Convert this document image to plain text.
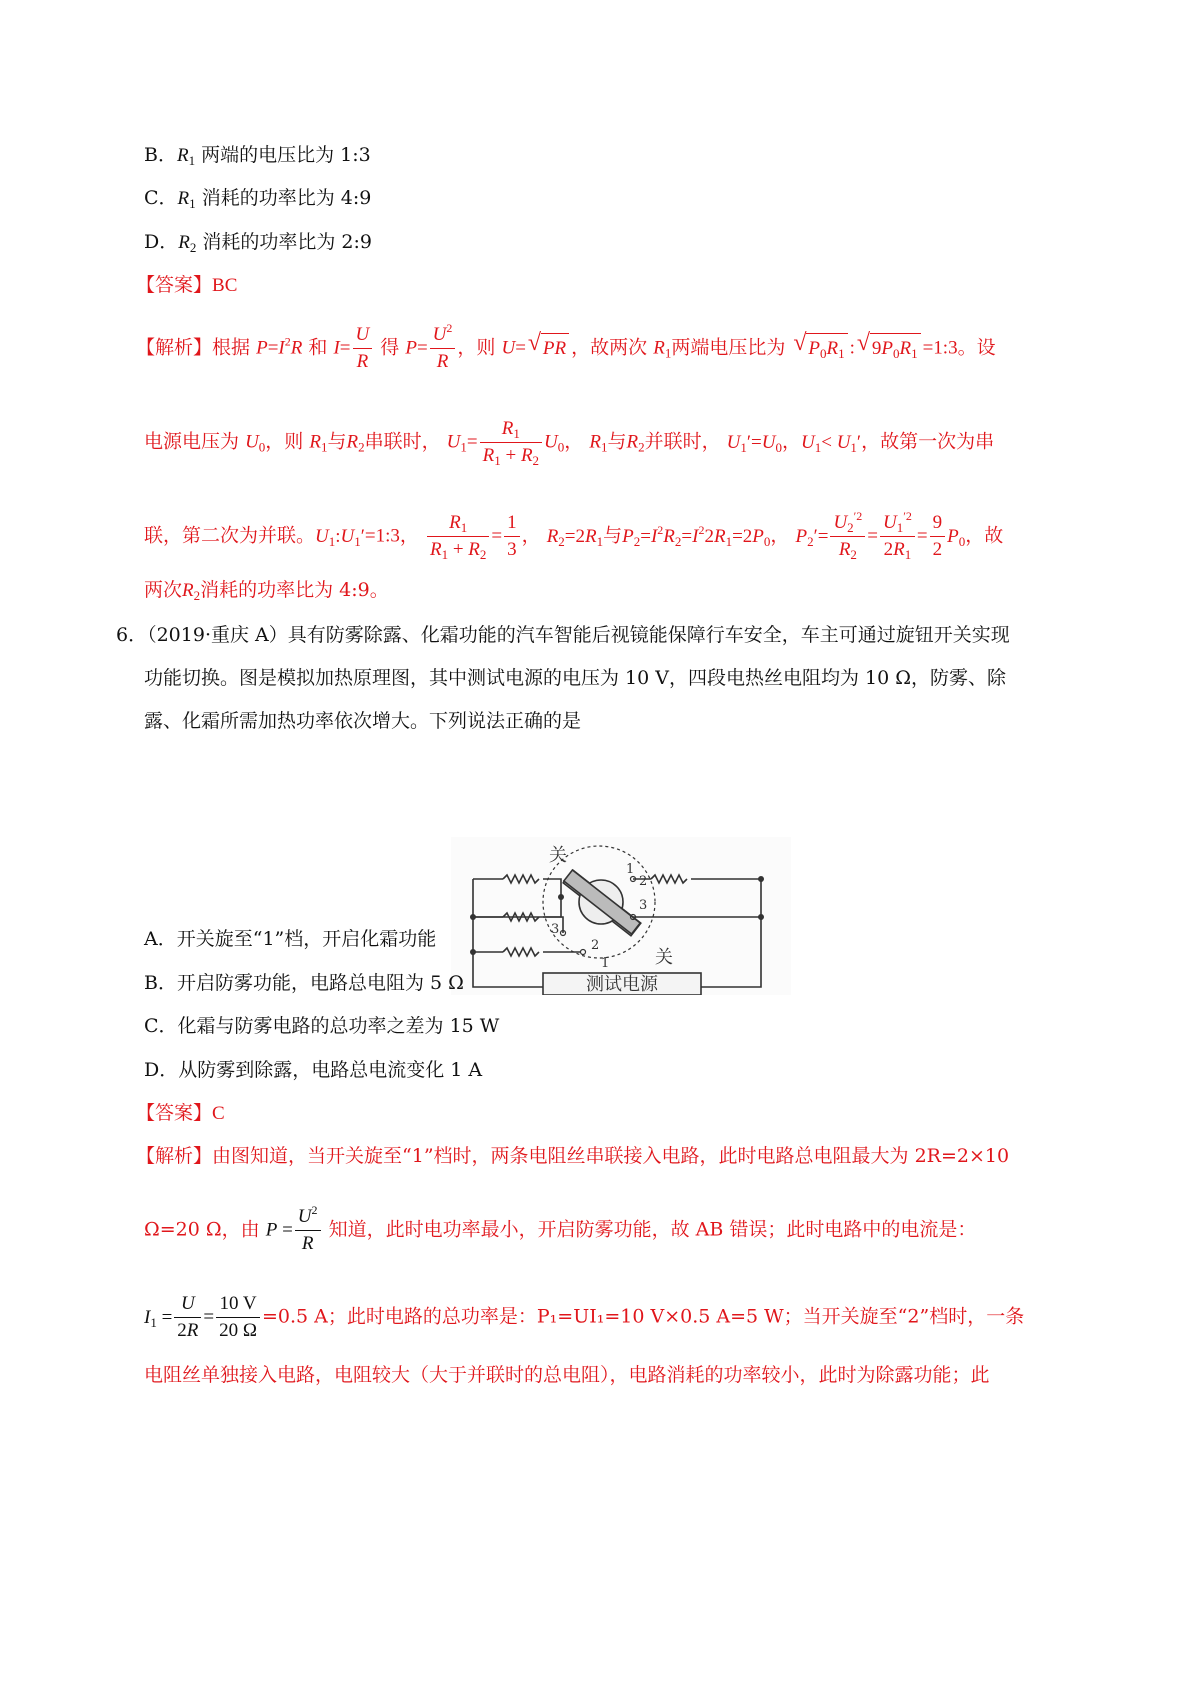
B．$R_1$ 两端的电压比为 1:3
C．$R_1$ 消耗的功率比为 4:9
D．$R_2$ 消耗的功率比为 2:9
【答案】BC
【解析】根据 $P=I^2R$ 和 $I= \frac{U}{R}$ 得 $P= \frac{U^2}{R}$ ，则 U= √ PR ，故两次 $R_1$两端电压比为 √ $P_0R_1$ : √ $9P_0R_1$ =1:3。设
电源电压为 $U_0$，则 $R_1$与$R_2$串联时， $U_1= \frac{R_1}{R_1 + R_2} U_0$， $R_1$与$R_2$并联时， $U_1'=U_0$，$U_1< U_1'$，故第一次为串
联，第二次为并联。$U_1:U_1'=1:3$， $\frac{R_1}{R_1 + R_2} = \frac{1}{3}$ ， $R_2=2R_1$与$P_2=I^2R_2=I^22R_1=2P_0$， $P_2'= \frac{U_2^{'2}}{R_2} = \frac{U_1^{'2}}{2R_1} = \frac{9}{2} P_0$，故
两次$R_2$消耗的功率比为 4:9。
6．（2019·重庆 A）具有防雾除露、化霜功能的汽车智能后视镜能保障行车安全，车主可通过旋钮开关实现
功能切换。图是模拟加热原理图，其中测试电源的电压为 10 V，四段电热丝电阻均为 10 Ω，防雾、除
露、化霜所需加热功率依次增大。下列说法正确的是
1
2
3
3
2
1
关
关
测试电源
A．开关旋至“1”档，开启化霜功能
B．开启防雾功能，电路总电阻为 5 Ω
C．化霜与防雾电路的总功率之差为 15 W
D．从防雾到除露，电路总电流变化 1 A
【答案】C
【解析】由图知道，当开关旋至“1”档时，两条电阻丝串联接入电路，此时电路总电阻最大为 2R=2×10
Ω=20 Ω，由 $P = \frac{U^2}{R}$ 知道，此时电功率最小，开启防雾功能，故 AB 错误；此时电路中的电流是：
$I_1 = \frac{U}{2R} = \frac{10 V}{20 \Omega} =0.5$ A；此时电路的总功率是：P₁=UI₁=10 V×0.5 A=5 W；当开关旋至“2”档时，一条
电阻丝单独接入电路，电阻较大（大于并联时的总电阻），电路消耗的功率较小，此时为除露功能；此
